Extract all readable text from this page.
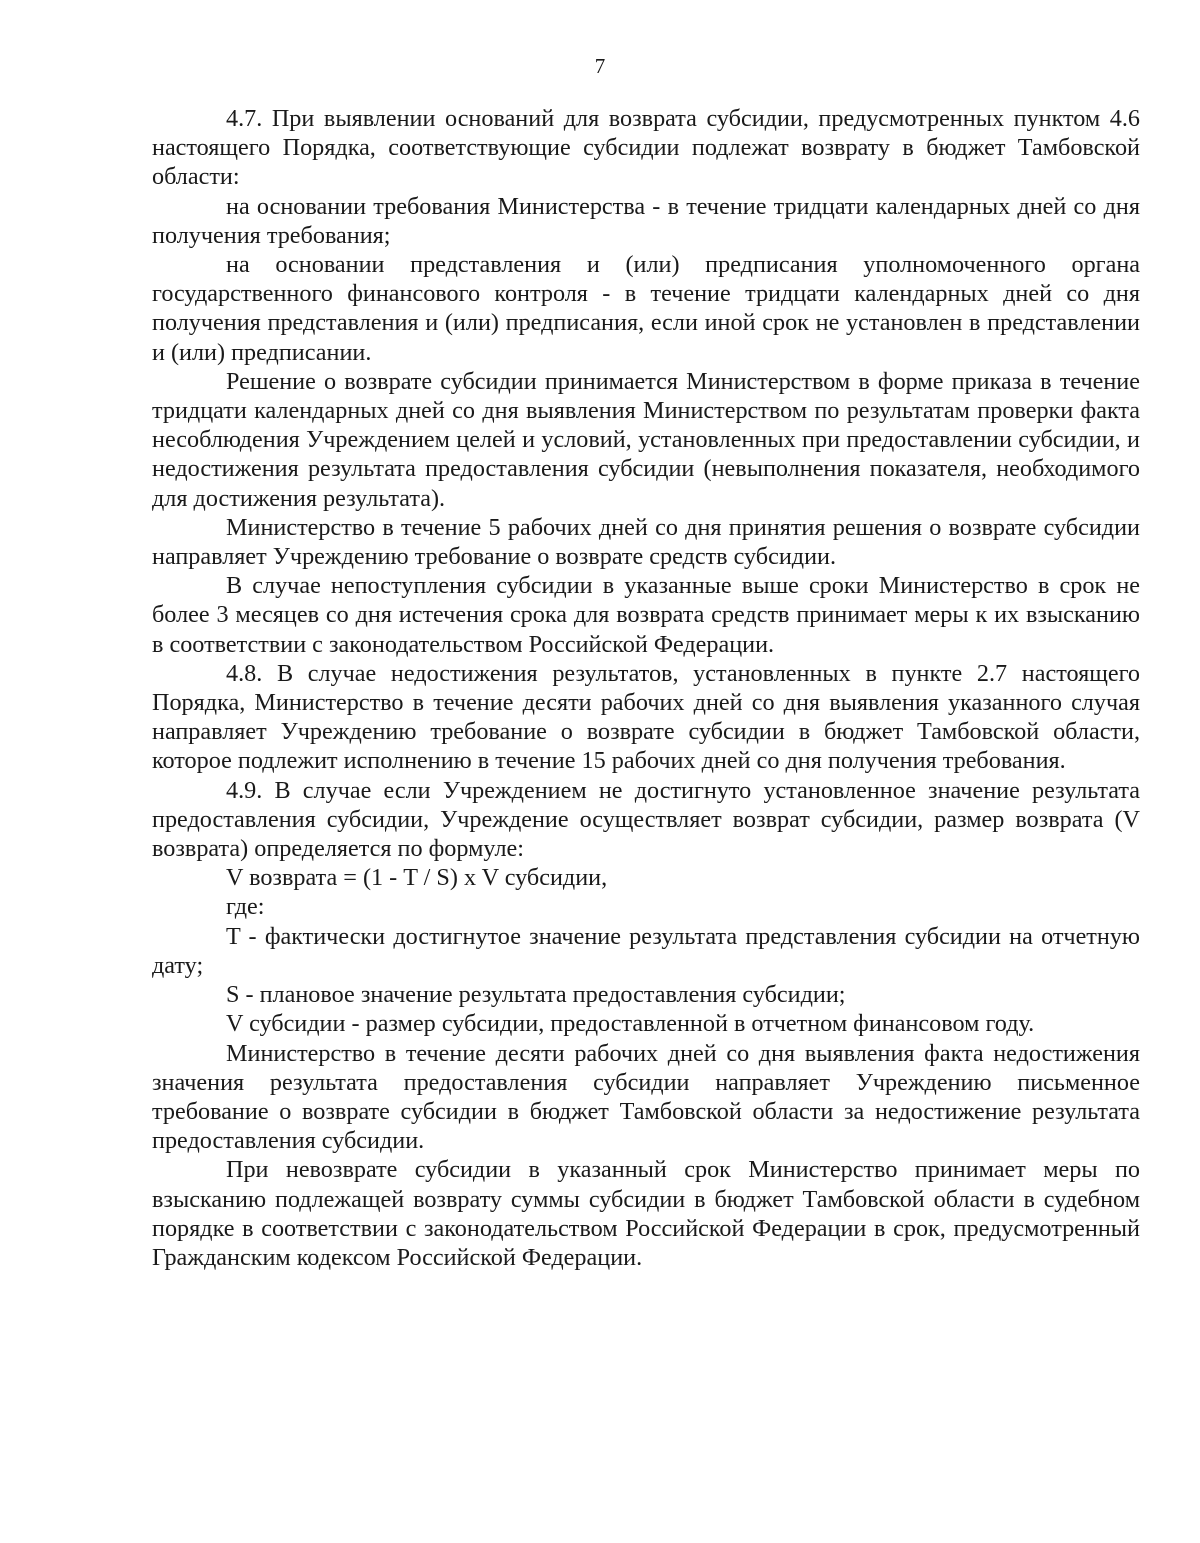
7

4.7. При выявлении оснований для возврата субсидии, предусмотренных пунктом 4.6 настоящего Порядка, соответствующие субсидии подлежат возврату в бюджет Тамбовской области:

на основании требования Министерства - в течение тридцати календарных дней со дня получения требования;

на основании представления и (или) предписания уполномоченного органа государственного финансового контроля - в течение тридцати календарных дней со дня получения представления и (или) предписания, если иной срок не установлен в представлении и (или) предписании.

Решение о возврате субсидии принимается Министерством в форме приказа в течение тридцати календарных дней со дня выявления Министерством по результатам проверки факта несоблюдения Учреждением целей и условий, установленных при предоставлении субсидии, и недостижения результата предоставления субсидии (невыполнения показателя, необходимого для достижения результата).

Министерство в течение 5 рабочих дней со дня принятия решения о возврате субсидии направляет Учреждению требование о возврате средств субсидии.

В случае непоступления субсидии в указанные выше сроки Министерство в срок не более 3 месяцев со дня истечения срока для возврата средств принимает меры к их взысканию в соответствии с законодательством Российской Федерации.

4.8. В случае недостижения результатов, установленных в пункте 2.7 настоящего Порядка, Министерство в течение десяти рабочих дней со дня выявления указанного случая направляет Учреждению требование о возврате субсидии в бюджет Тамбовской области, которое подлежит исполнению в течение 15 рабочих дней со дня получения требования.

4.9. В случае если Учреждением не достигнуто установленное значение результата предоставления субсидии, Учреждение осуществляет возврат субсидии, размер возврата (V возврата) определяется по формуле:

V возврата = (1 - T / S) x V субсидии,

где:

T - фактически достигнутое значение результата представления субсидии на отчетную дату;

S - плановое значение результата предоставления субсидии;

V субсидии - размер субсидии, предоставленной в отчетном финансовом году.

Министерство в течение десяти рабочих дней со дня выявления факта недостижения значения результата предоставления субсидии направляет Учреждению письменное требование о возврате субсидии в бюджет Тамбовской области за недостижение результата предоставления субсидии.

При невозврате субсидии в указанный срок Министерство принимает меры по взысканию подлежащей возврату суммы субсидии в бюджет Тамбовской области в судебном порядке в соответствии с законодательством Российской Федерации в срок, предусмотренный Гражданским кодексом Российской Федерации.
